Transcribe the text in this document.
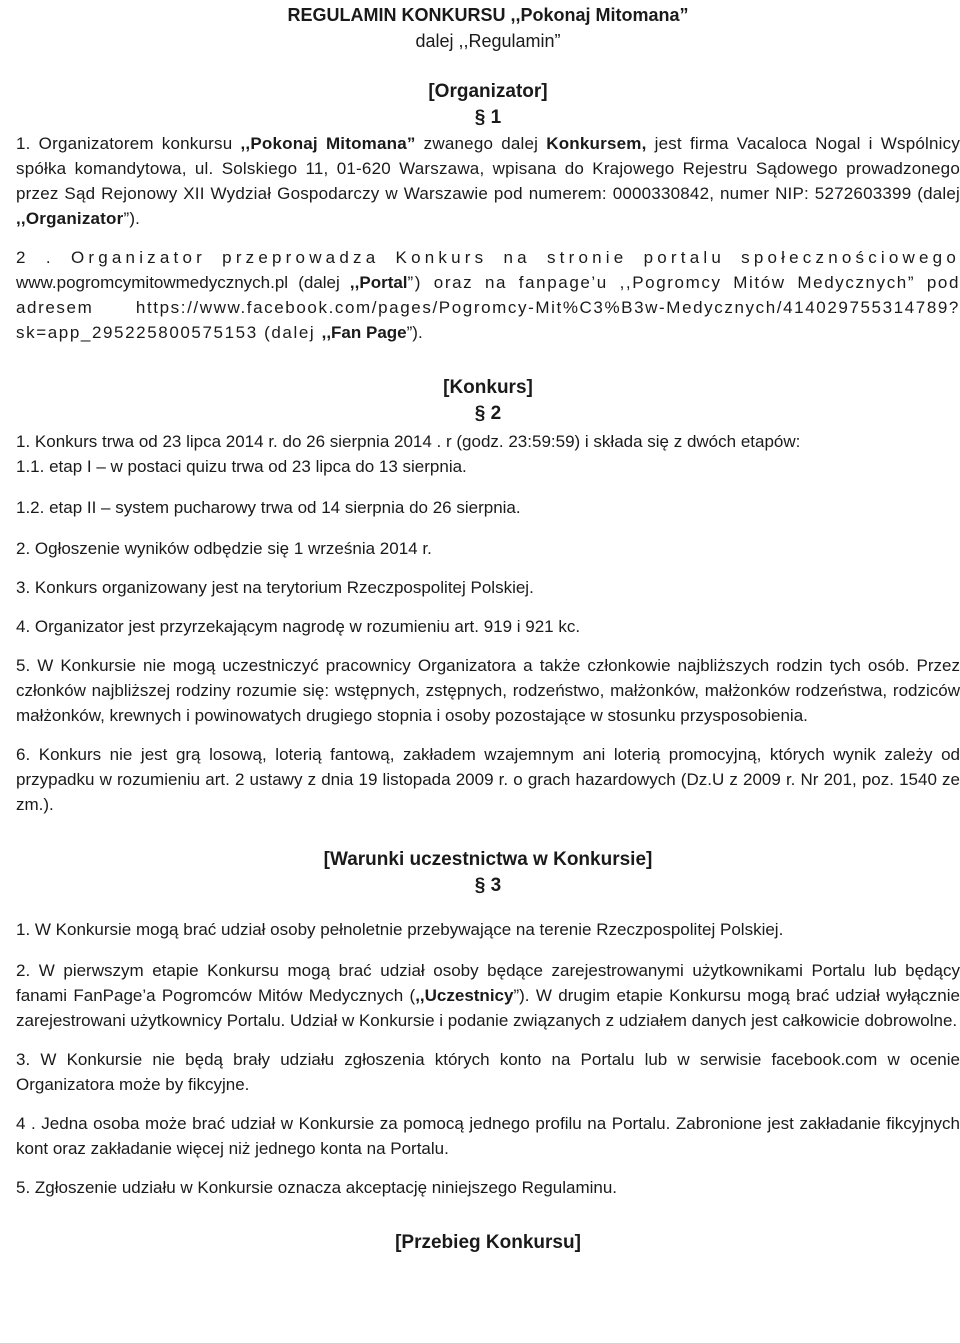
REGULAMIN KONKURSU ,,Pokonaj Mitomana”
dalej ,,Regulamin”
[Organizator]
§ 1

1. Organizatorem konkursu ,,Pokonaj Mitomana” zwanego dalej Konkursem, jest firma Vacaloca Nogal i Wspólnicy spółka komandytowa, ul. Solskiego 11, 01-620 Warszawa, wpisana do Krajowego Rejestru Sądowego prowadzonego przez Sąd Rejonowy XII Wydział Gospodarczy w Warszawie pod numerem: 0000330842, numer NIP: 5272603399 (dalej ,,Organizator”).

2 . Organizator przeprowadza Konkurs na stronie portalu społecznościowego www.pogromcymitowmedycznych.pl (dalej ,,Portal”) oraz na fanpage’u ,,Pogromcy Mitów Medycznych” pod adresem https://www.facebook.com/pages/Pogromcy-Mit%C3%B3w-Medycznych/414029755314789?sk=app_295225800575153 (dalej ,,Fan Page”).

[Konkurs]
§ 2

1. Konkurs trwa od 23 lipca 2014 r. do 26 sierpnia 2014 . r (godz. 23:59:59) i składa się z dwóch etapów:

1.1. etap I – w postaci quizu trwa od 23 lipca do 13 sierpnia.

1.2. etap II – system pucharowy trwa od 14 sierpnia do 26 sierpnia.

2. Ogłoszenie wyników odbędzie się 1 września 2014 r.

3. Konkurs organizowany jest na terytorium Rzeczpospolitej Polskiej.

4. Organizator jest przyrzekającym nagrodę w rozumieniu art. 919 i 921 kc.

5. W Konkursie nie mogą uczestniczyć pracownicy Organizatora a także członkowie najbliższych rodzin tych osób. Przez członków najbliższej rodziny rozumie się: wstępnych, zstępnych, rodzeństwo, małżonków, małżonków rodzeństwa, rodziców małżonków, krewnych i powinowatych drugiego stopnia i osoby pozostające w stosunku przysposobienia.

6. Konkurs nie jest grą losową, loterią fantową, zakładem wzajemnym ani loterią promocyjną, których wynik zależy od przypadku w rozumieniu art. 2 ustawy z dnia 19 listopada 2009 r. o grach hazardowych (Dz.U z 2009 r. Nr 201, poz. 1540 ze zm.).

[Warunki uczestnictwa w Konkursie]
§ 3

1. W Konkursie mogą brać udział osoby pełnoletnie przebywające na terenie Rzeczpospolitej Polskiej.

2. W pierwszym etapie Konkursu mogą brać udział osoby będące zarejestrowanymi użytkownikami Portalu lub będący fanami FanPage’a Pogromców Mitów Medycznych (,,Uczestnicy”). W drugim etapie Konkursu mogą brać udział wyłącznie zarejestrowani użytkownicy Portalu. Udział w Konkursie i podanie związanych z udziałem danych jest całkowicie dobrowolne.

3. W Konkursie nie będą brały udziału zgłoszenia których konto na Portalu lub w serwisie facebook.com w ocenie Organizatora może by fikcyjne.

4 . Jedna osoba może brać udział w Konkursie za pomocą jednego profilu na Portalu. Zabronione jest zakładanie fikcyjnych kont oraz zakładanie więcej niż jednego konta na Portalu.

5. Zgłoszenie udziału w Konkursie oznacza akceptację niniejszego Regulaminu.

[Przebieg Konkursu]
